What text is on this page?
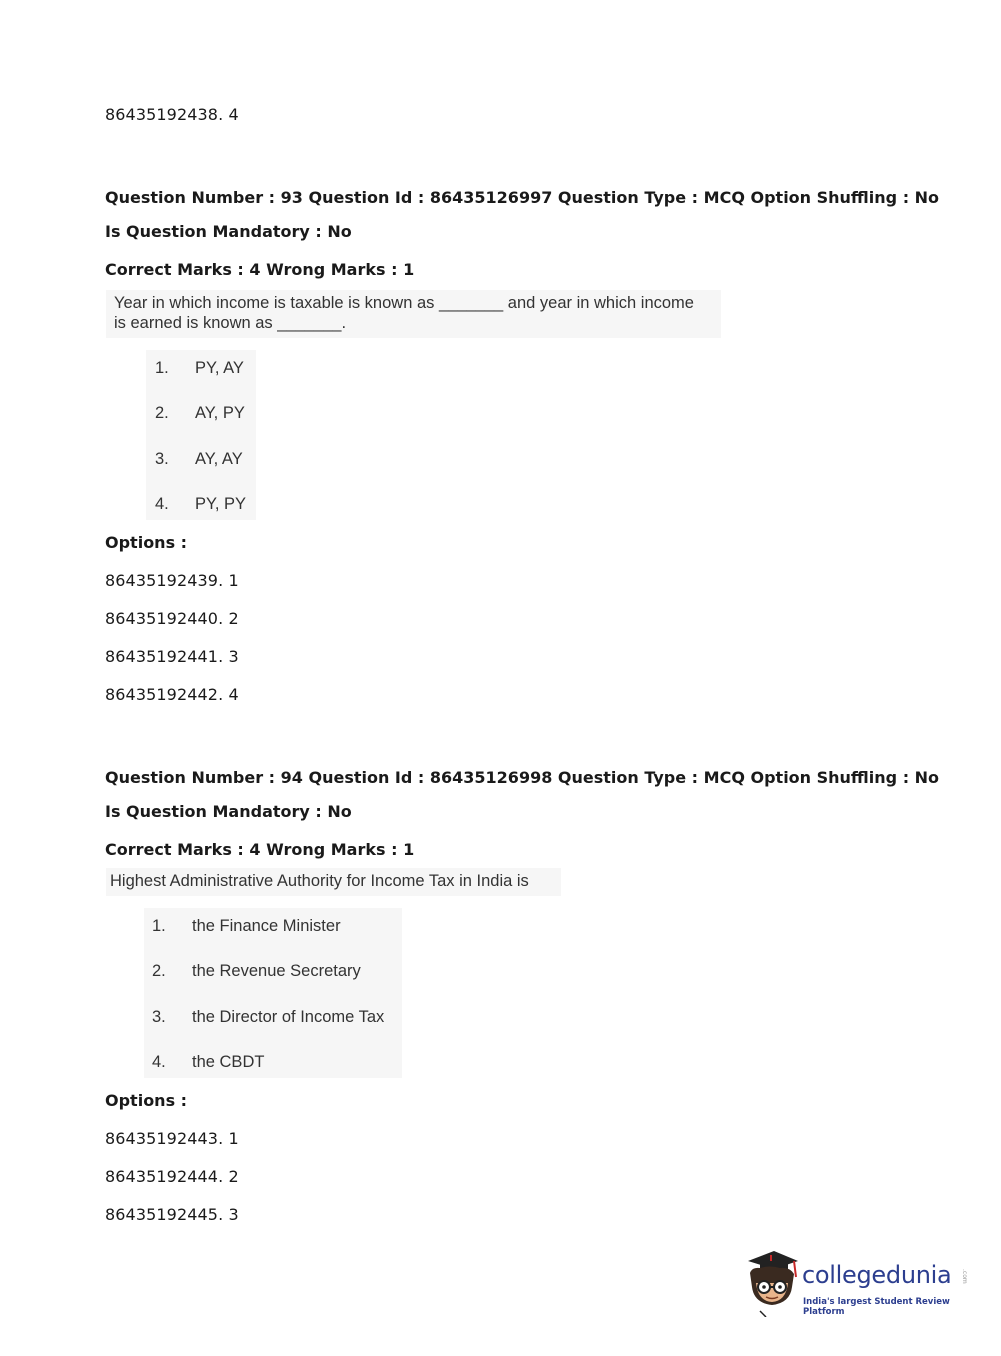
86435192438. 4
Question Number : 93 Question Id : 86435126997 Question Type : MCQ Option Shuffling : No
Is Question Mandatory : No
Correct Marks : 4 Wrong Marks : 1
Year in which income is taxable is known as _______ and year in which income
is earned is known as _______.
1. PY, AY
2. AY, PY
3. AY, AY
4. PY, PY
Options :
86435192439. 1
86435192440. 2
86435192441. 3
86435192442. 4
Question Number : 94 Question Id : 86435126998 Question Type : MCQ Option Shuffling : No
Is Question Mandatory : No
Correct Marks : 4 Wrong Marks : 1
Highest Administrative Authority for Income Tax in India is
1. the Finance Minister
2. the Revenue Secretary
3. the Director of Income Tax
4. the CBDT
Options :
86435192443. 1
86435192444. 2
86435192445. 3
collegedunia .com
India's largest Student Review Platform
